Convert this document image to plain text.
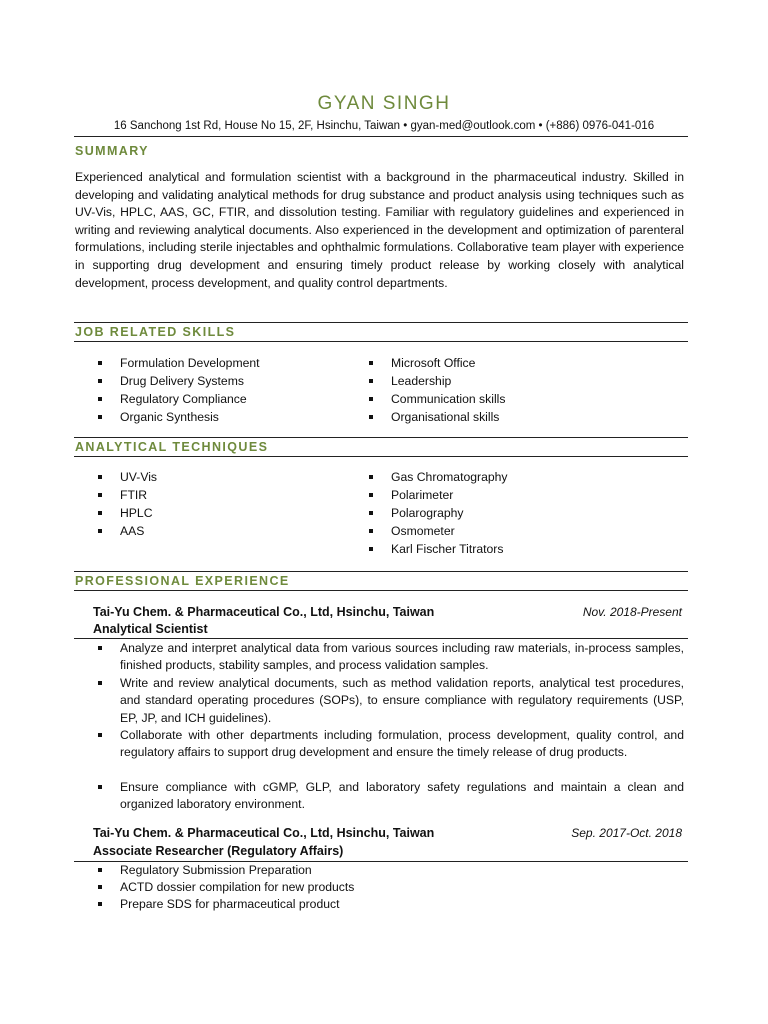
GYAN SINGH
16 Sanchong 1st Rd, House No 15, 2F, Hsinchu, Taiwan • gyan-med@outlook.com • (+886) 0976-041-016
SUMMARY

Experienced analytical and formulation scientist with a background in the pharmaceutical industry. Skilled in developing and validating analytical methods for drug substance and product analysis using techniques such as UV-Vis, HPLC, AAS, GC, FTIR, and dissolution testing. Familiar with regulatory guidelines and experienced in writing and reviewing analytical documents. Also experienced in the development and optimization of parenteral formulations, including sterile injectables and ophthalmic formulations. Collaborative team player with experience in supporting drug development and ensuring timely product release by working closely with analytical development, process development, and quality control departments.

JOB RELATED SKILLS
Formulation Development
Drug Delivery Systems
Regulatory Compliance
Organic Synthesis
Microsoft Office
Leadership
Communication skills
Organisational skills
ANALYTICAL TECHNIQUES
UV-Vis
FTIR
HPLC
AAS
Gas Chromatography
Polarimeter
Polarography
Osmometer
Karl Fischer Titrators
PROFESSIONAL EXPERIENCE
Tai-Yu Chem. & Pharmaceutical Co., Ltd, Hsinchu, Taiwan	Nov. 2018-Present
Analytical Scientist
Analyze and interpret analytical data from various sources including raw materials, in-process samples, finished products, stability samples, and process validation samples.
Write and review analytical documents, such as method validation reports, analytical test procedures, and standard operating procedures (SOPs), to ensure compliance with regulatory requirements (USP, EP, JP, and ICH guidelines).
Collaborate with other departments including formulation, process development, quality control, and regulatory affairs to support drug development and ensure the timely release of drug products.
Ensure compliance with cGMP, GLP, and laboratory safety regulations and maintain a clean and organized laboratory environment.
Tai-Yu Chem. & Pharmaceutical Co., Ltd, Hsinchu, Taiwan	Sep. 2017-Oct. 2018
Associate Researcher (Regulatory Affairs)
Regulatory Submission Preparation
ACTD dossier compilation for new products
Prepare SDS for pharmaceutical product
